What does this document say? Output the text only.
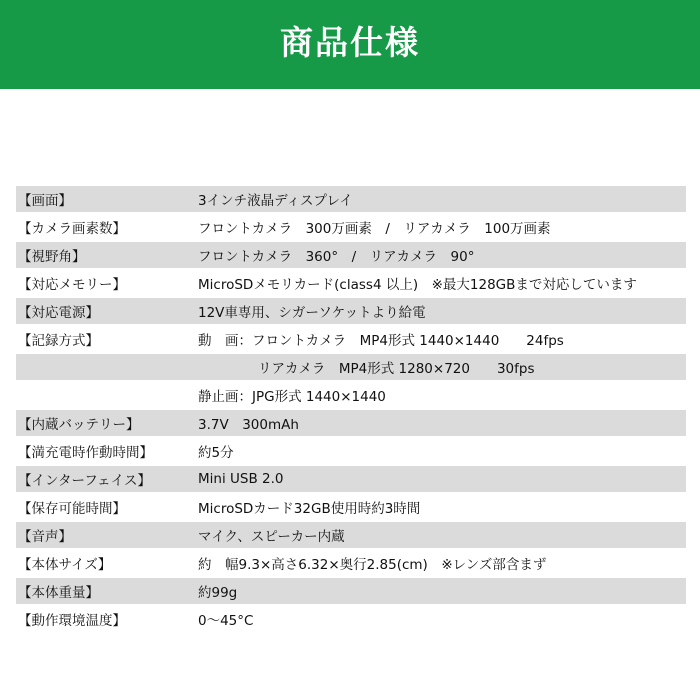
商品仕様
【画面】	3インチ液晶ディスプレイ
【カメラ画素数】	フロントカメラ　300万画素　/　リアカメラ　100万画素
【視野角】	フロントカメラ　360°　/　リアカメラ　90°
【対応メモリー】	MicroSDメモリカード(class4 以上)　※最大128GBまで対応しています
【対応電源】	12V車専用、シガーソケットより給電
【記録方式】	動　画：フロントカメラ　MP4形式 1440×1440　　24fps
リアカメラ　MP4形式 1280×720　　30fps
静止画：JPG形式 1440×1440
【内蔵バッテリー】	3.7V　300mAh
【満充電時作動時間】	約5分
【インターフェイス】	Mini USB 2.0
【保存可能時間】	MicroSDカード32GB使用時約3時間
【音声】	マイク、スピーカー内蔵
【本体サイズ】	約　幅9.3×高さ6.32×奥行2.85(cm)　※レンズ部含まず
【本体重量】	約99g
【動作環境温度】	0〜45°C
